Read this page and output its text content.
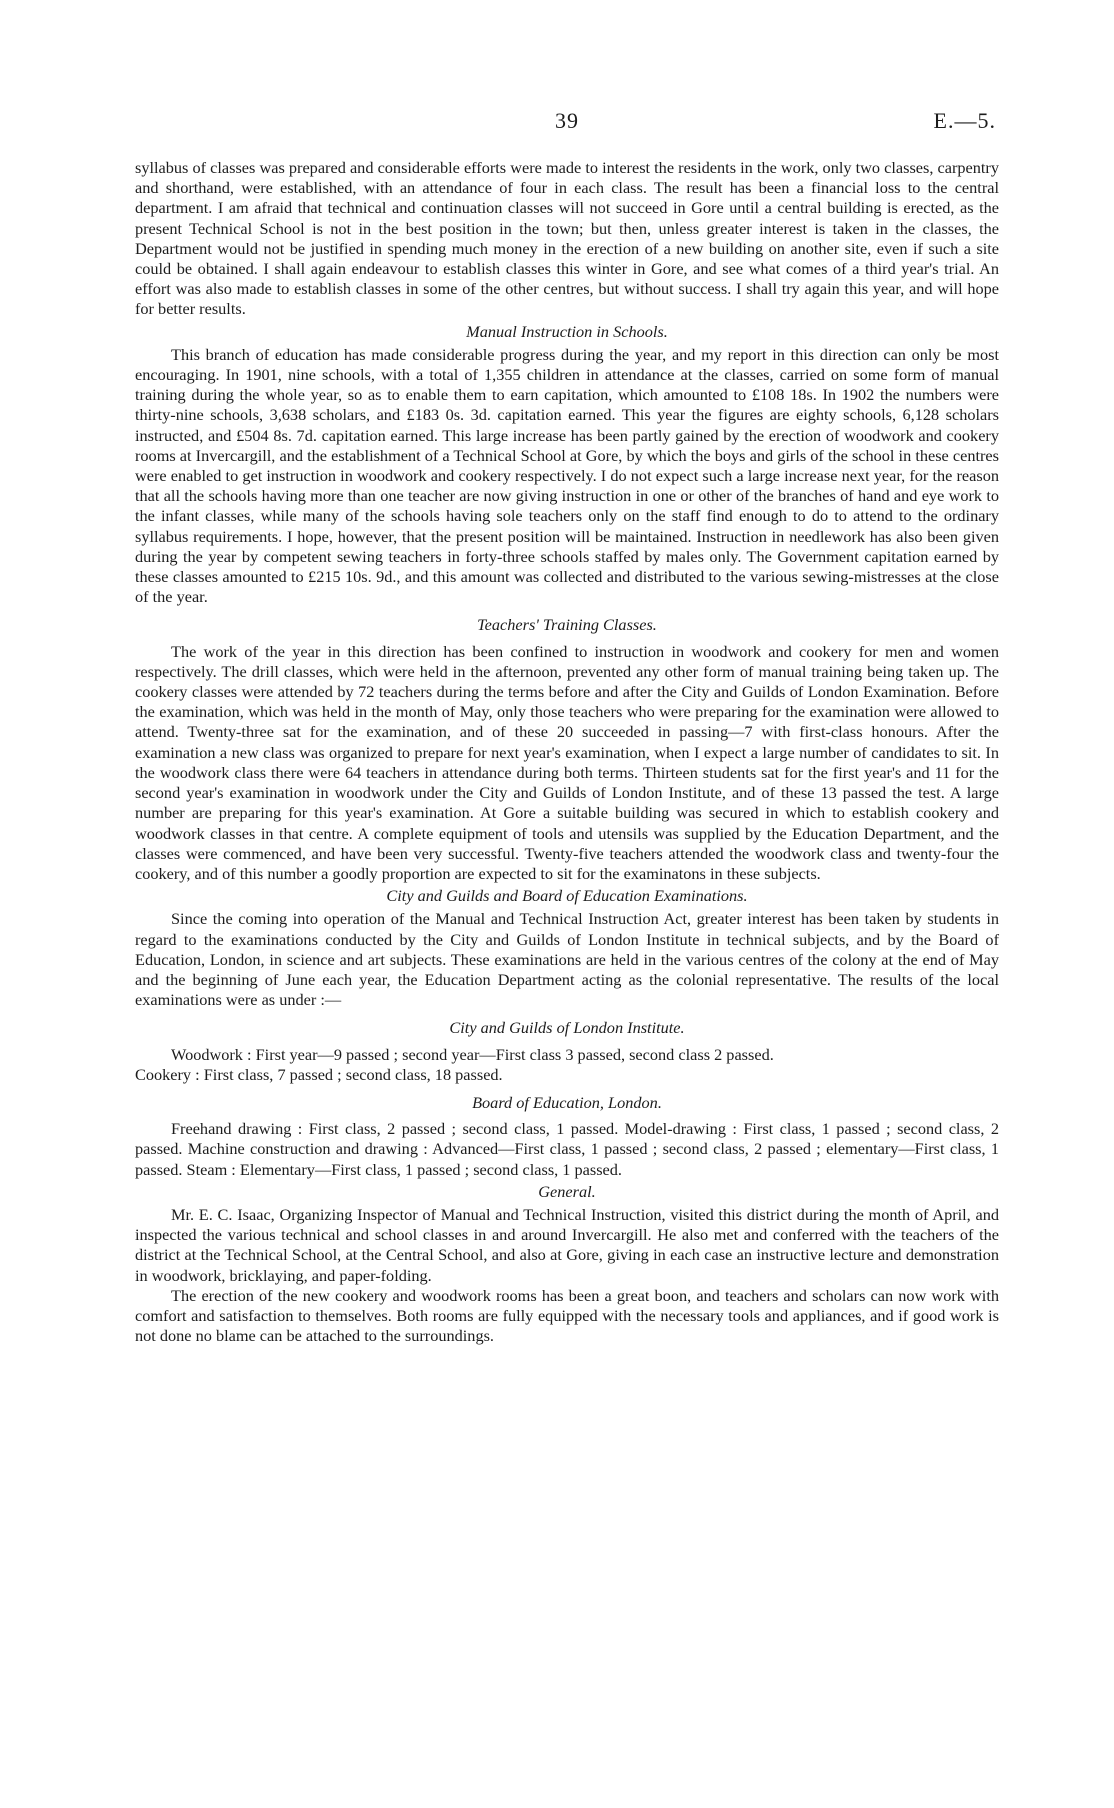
39	E.—5.

syllabus of classes was prepared and considerable efforts were made to interest the residents in the work, only two classes, carpentry and shorthand, were established, with an attendance of four in each class. The result has been a financial loss to the central department. I am afraid that technical and continuation classes will not succeed in Gore until a central building is erected, as the present Technical School is not in the best position in the town; but then, unless greater interest is taken in the classes, the Department would not be justified in spending much money in the erection of a new building on another site, even if such a site could be obtained. I shall again endeavour to establish classes this winter in Gore, and see what comes of a third year's trial. An effort was also made to establish classes in some of the other centres, but without success. I shall try again this year, and will hope for better results.

Manual Instruction in Schools.

This branch of education has made considerable progress during the year, and my report in this direction can only be most encouraging. In 1901, nine schools, with a total of 1,355 children in attendance at the classes, carried on some form of manual training during the whole year, so as to enable them to earn capitation, which amounted to £108 18s. In 1902 the numbers were thirty-nine schools, 3,638 scholars, and £183 0s. 3d. capitation earned. This year the figures are eighty schools, 6,128 scholars instructed, and £504 8s. 7d. capitation earned. This large increase has been partly gained by the erection of woodwork and cookery rooms at Invercargill, and the establishment of a Technical School at Gore, by which the boys and girls of the school in these centres were enabled to get instruction in woodwork and cookery respectively. I do not expect such a large increase next year, for the reason that all the schools having more than one teacher are now giving instruction in one or other of the branches of hand and eye work to the infant classes, while many of the schools having sole teachers only on the staff find enough to do to attend to the ordinary syllabus requirements. I hope, however, that the present position will be maintained. Instruction in needlework has also been given during the year by competent sewing teachers in forty-three schools staffed by males only. The Government capitation earned by these classes amounted to £215 10s. 9d., and this amount was collected and distributed to the various sewing-mistresses at the close of the year.

Teachers' Training Classes.

The work of the year in this direction has been confined to instruction in woodwork and cookery for men and women respectively. The drill classes, which were held in the afternoon, prevented any other form of manual training being taken up. The cookery classes were attended by 72 teachers during the terms before and after the City and Guilds of London Examination. Before the examination, which was held in the month of May, only those teachers who were preparing for the examination were allowed to attend. Twenty-three sat for the examination, and of these 20 succeeded in passing—7 with first-class honours. After the examination a new class was organized to prepare for next year's examination, when I expect a large number of candidates to sit. In the woodwork class there were 64 teachers in attendance during both terms. Thirteen students sat for the first year's and 11 for the second year's examination in woodwork under the City and Guilds of London Institute, and of these 13 passed the test. A large number are preparing for this year's examination. At Gore a suitable building was secured in which to establish cookery and woodwork classes in that centre. A complete equipment of tools and utensils was supplied by the Education Department, and the classes were commenced, and have been very successful. Twenty-five teachers attended the woodwork class and twenty-four the cookery, and of this number a goodly proportion are expected to sit for the examinatons in these subjects.

City and Guilds and Board of Education Examinations.

Since the coming into operation of the Manual and Technical Instruction Act, greater interest has been taken by students in regard to the examinations conducted by the City and Guilds of London Institute in technical subjects, and by the Board of Education, London, in science and art subjects. These examinations are held in the various centres of the colony at the end of May and the beginning of June each year, the Education Department acting as the colonial representative. The results of the local examinations were as under :—

City and Guilds of London Institute.

Woodwork : First year—9 passed ; second year—First class 3 passed, second class 2 passed.

Cookery : First class, 7 passed ; second class, 18 passed.

Board of Education, London.

Freehand drawing : First class, 2 passed ; second class, 1 passed. Model-drawing : First class, 1 passed ; second class, 2 passed. Machine construction and drawing : Advanced—First class, 1 passed ; second class, 2 passed ; elementary—First class, 1 passed. Steam : Elementary—First class, 1 passed ; second class, 1 passed.

General.

Mr. E. C. Isaac, Organizing Inspector of Manual and Technical Instruction, visited this district during the month of April, and inspected the various technical and school classes in and around Invercargill. He also met and conferred with the teachers of the district at the Technical School, at the Central School, and also at Gore, giving in each case an instructive lecture and demonstration in woodwork, bricklaying, and paper-folding.

The erection of the new cookery and woodwork rooms has been a great boon, and teachers and scholars can now work with comfort and satisfaction to themselves. Both rooms are fully equipped with the necessary tools and appliances, and if good work is not done no blame can be attached to the surroundings.
